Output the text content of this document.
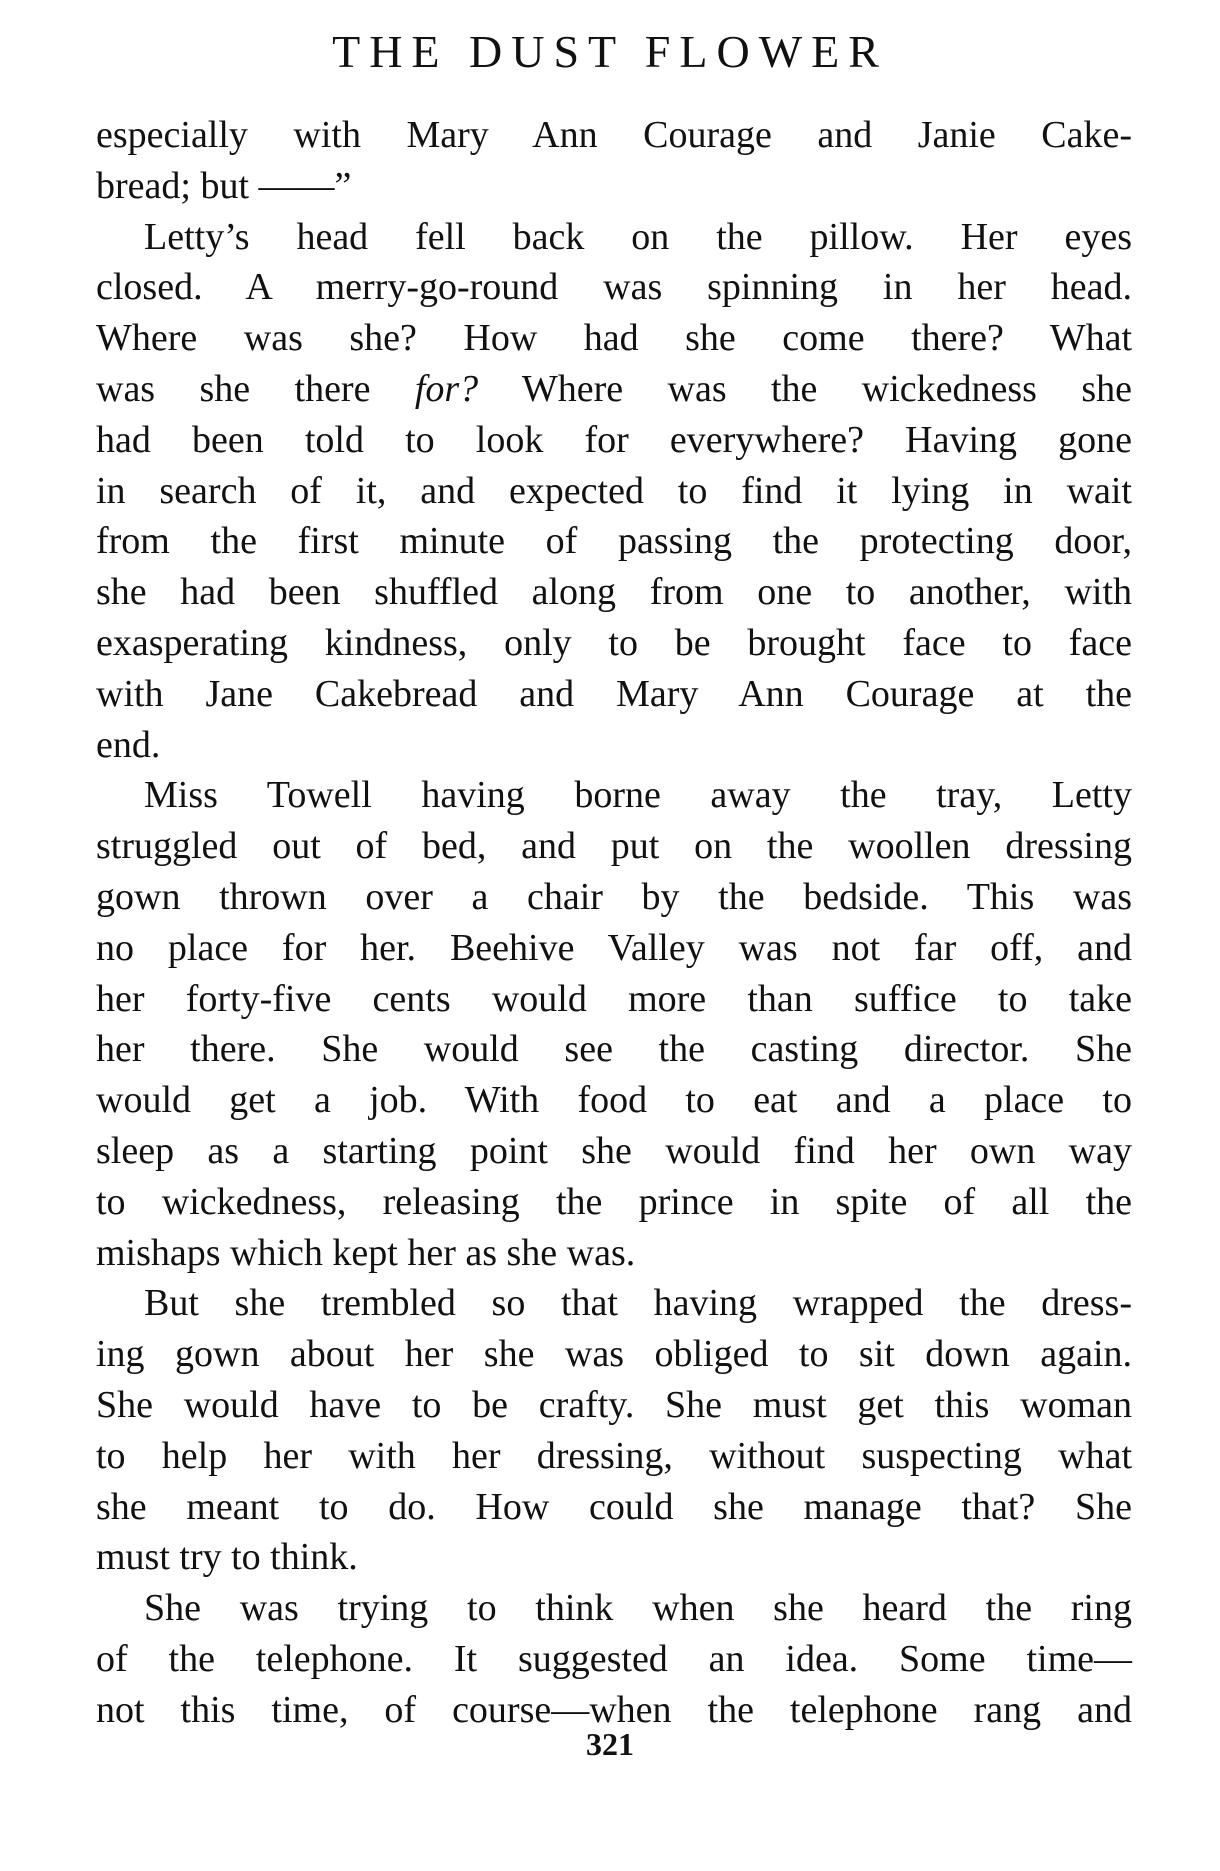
THE DUST FLOWER
especially with Mary Ann Courage and Janie Cake-
bread; but ——”
Letty’s head fell back on the pillow. Her eyes
closed. A merry-go-round was spinning in her head.
Where was she? How had she come there? What
was she there for? Where was the wickedness she
had been told to look for everywhere? Having gone
in search of it, and expected to find it lying in wait
from the first minute of passing the protecting door,
she had been shuffled along from one to another, with
exasperating kindness, only to be brought face to face
with Jane Cakebread and Mary Ann Courage at the
end.
Miss Towell having borne away the tray, Letty
struggled out of bed, and put on the woollen dressing
gown thrown over a chair by the bedside. This was
no place for her. Beehive Valley was not far off, and
her forty-five cents would more than suffice to take
her there. She would see the casting director. She
would get a job. With food to eat and a place to
sleep as a starting point she would find her own way
to wickedness, releasing the prince in spite of all the
mishaps which kept her as she was.
But she trembled so that having wrapped the dress-
ing gown about her she was obliged to sit down again.
She would have to be crafty. She must get this woman
to help her with her dressing, without suspecting what
she meant to do. How could she manage that? She
must try to think.
She was trying to think when she heard the ring
of the telephone. It suggested an idea. Some time—
not this time, of course—when the telephone rang and
321
